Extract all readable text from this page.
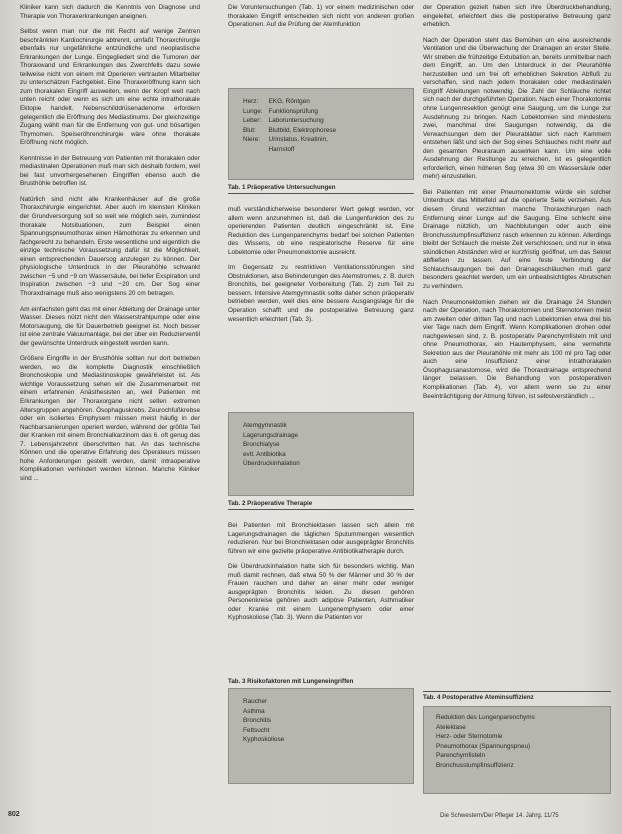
Kliniker kann sich dadurch die Kenntnis von Diagnose und Therapie von Thoraxerkrankungen aneignen.

Selbst wenn man nur die mit Recht auf wenige Zentren beschränkten Kardiochirurgie abtrennt, umfaßt Thoraxchirurgie ebenfalls nur ungefährliche entzündliche und neoplastische Erkrankungen der Lunge. Eingegliedert sind die Tumoren der Thoraxwand und Erkrankungen des Zwerchfells dazu sowie teilweise nicht von einem mit Operieren vertrauten Mitarbeiter zu unterschätzen Fachgebiet. Eine Thoraxeröffnung kann sich zum thorakalen Eingriff ausweiten, wenn der Kropf weit nach unten reicht oder wenn es sich um eine echte intrathorakale Ektopie handelt. Nebenschilddrüsenadenome erfordern gelegentlich die Eröffnung des Mediastinums. Der gleichzeitige Zugang wählt man für die Entfernung von gut- und bösartigen Thymomen. Speiseröhrenchirurgie wäre ohne thorakale Eröffnung nicht möglich.

Kenntnisse in der Betreuung von Patienten mit thorakalen oder mediastinalen Operationen muß man sich deshalb fordern, weil bei fast unvorhergesehenen Eingriffen ebenso auch die Brusthöhle betroffen ist.

Natürlich sind nicht alle Krankenhäuser auf die große Thoraxchirurgie eingerichtet. Aber auch im kleinsten Kliniken der Grundversorgung soll so weit wie möglich sein, zumindest thorakale Notsituationen, zum Beispiel einen Spannungspneumothorax einen Hämothorax zu erkennen und fachgerecht zu behandeln. Erste wesentliche und eigentlich die einzige technische Voraussetzung dafür ist die Möglichkeit, einen entsprechenden Dauersog anzulegen zu können. Der physiologische Unterdruck in der Pleurahöhle schwankt zwischen −5 und −9 cm Wassersäule, bei tiefer Exspiration und Inspiration zwischen −3 und −20 cm. Der Sog einer Thoraxdrainage muß also wenigstens 20 cm betragen.

Am einfachsten geht das mit einer Ableitung der Drainage unter Wasser. Dieses nützt nicht den Wasserstrahlpumpe oder eine Motorsaugung, die für Dauerbetrieb geeignet ist. Noch besser ist eine zentrale Vakuumanlage, bei der über ein Reduzierventil der gewünschte Unterdruck eingestellt werden kann.

Größere Eingriffe in der Brusthöhle sollten nur dort betrieben werden, wo die komplette Diagnostik einschließlich Bronchoskopie und Mediastinoskopie gewährleistet ist. Als wichtige Voraussetzung sehen wir die Zusammenarbeit mit einem erfahrenen Anästhesisten an, weil Patienten mit Erkrankungen der Thoraxorgane nicht selten extremen Altersgruppen angehören. Ösophaguskrebs. Zeurochfußkrebse oder ein isoliertes Emphysem müssen meist häufig in der Nachbarsanierungen operiert werden, während der größte Teil der Kranken mit einem Bronchialkarzinom das 6. oft genug das 7. Lebensjahrzehnt überschritten hat. An das technische Können und die operative Erfahrung des Operateurs müssen hohe Anforderungen gestellt werden, damit intraoperative Komplikationen verhindert werden können. Manche Kliniker sind ...

Die Voruntersuchungen (Tab. 1) vor einem medizinischen oder thorakalen Eingriff entscheiden sich nicht von anderen großen Operationen. Auf die Prüfung der Atemfunktion

Herz:	EKG, Röntgen
Lunge:	Funktionsprüfung
Leber:	Laboruntersuchung
Blut:	Blutbild, Elektrophorese
Niere:	Urinstatus, Kreatinin,
	Harnstoff
Tab. 1 Präoperative Untersuchungen

muß verständlicherweise besonderer Wert gelegt werden, vor allem wenn anzunehmen ist, daß die Lungenfunktion des zu operierenden Patienten deutlich eingeschränkt ist. Eine Reduktion des Lungenparenchyms bedarf bei solchen Patienten des Wissens, ob eine respiratorische Reserve für eine Lobektomie oder Pneumonektomie ausreicht.

Im Gegensatz zu restriktiven Ventilationsstörungen sind Obstruktionen, also Behinderungen des Atemstromes, z. B. durch Bronchitis, bei geeigneter Vorbereitung (Tab. 2) zum Teil zu bessern. Intensive Atemgymnastik sollte daher schon präoperativ betrieben werden, weil dies eine bessere Ausgangslage für die Operation schafft und die postoperative Betreuung ganz wesentlich erleichtert (Tab. 3).

Atemgymnastik
Lagerungsdrainage
Bronchialyse
evtl. Antibiotika
Überdruckinhalation
Tab. 2 Präoperative Therapie

Bei Patienten mit Bronchiektasen lassen sich allein mit Lagerungsdrainagen die täglichen Sputummengen wesentlich reduzieren. Nur bei Bronchiektasen oder ausgeprägter Bronchitis führen wir eine gezielte präoperative Antibiotikatherapie durch.

Die Überdruckinhalation hatte sich für besonders wichtig. Man muß damit rechnen, daß etwa 50 % der Männer und 30 % der Frauen rauchen und daher an einer mehr oder weniger ausgeprägten Bronchitis leiden. Zu diesen gehören Personenkreise gehören auch adipöse Patienten, Asthmatiker oder Kranke mit einem Lungenemphysem oder einer Kyphoskoliose (Tab. 3). Wenn die Patienten vor

Tab. 3 Risikofaktoren mit Lungeneingriffen
Raucher
Asthma
Bronchitis
Fettsucht
Kyphoskoliose

der Operation gezielt haben sich ihre Überdruckbehandlung, eingeleitet, erleichtert dies die postoperative Betreuung ganz erheblich.

Nach der Operation steht das Bemühen um eine ausreichende Ventilation und die Überwachung der Drainagen an erster Stelle. Wir streben die frühzeitige Extubation an, bereits unmittelbar nach dem Eingriff, an. Um den Unterdruck in der Pleurahöhle herzustellen und um frei oft erheblichen Sekretion Abfluß zu verschaffen, sind nach jedem thorakalen oder mediastinalen Eingriff Ableitungen notwendig. Die Zahl der Schläuche richtet sich nach der durchgeführten Operation. Nach einer Thorakotomie ohne Lungenresektion genügt eine Saugung, um die Lunge zur Ausdehnung zu bringen. Nach Lobektomien sind mindestens zwei, manchmal drei Saugungen notwendig, da die Verwachsungen dem der Pleurablätter sich nach Kammern entstehen läßt und sich der Sog eines Schlauches nicht mehr auf den gesamten Pleuraraum auswirken kann. Um eine volle Ausdehnung der Restlunge zu erreichen, ist es gelegentlich erforderlich, einen höheren Sog (etwa 30 cm Wassersäule oder mehr) einzustellen.

Bei Patienten mit einer Pneumonektomie würde ein solcher Unterdruck das Mittelfeld auf die operierte Seite verziehen. Aus diesem Grund verzichten manche Thoraxchirurgen nach Entfernung einer Lunge auf die Saugung. Eine schlecht eine Drainage nützlich, um Nachblutungen oder auch eine Bronchusstumpfinsuffizienz rasch erkennen zu können. Allerdings bleibt der Schlauch die meiste Zeit verschlossen, und nur in etwa stündlichen Abständen wird er kurzfristig geöffnet, um das Sekret abfließen zu lassen. Auf eine feste Verbindung der Schlauchsaugungen bei den Drainageschläuchen muß ganz besonders geachtet werden, um ein unbeabsichtigtes Abrutschen zu verhindern.

Nach Pneumonektomien ziehen wir die Drainage 24 Stunden nach der Operation, nach Thorakotomien und Sternotomien meist am zweiten oder dritten Tag und nach Lobektomien etwa drei bis vier Tage nach dem Eingriff. Wenn Komplikationen drohen oder nachgewiesen sind, z. B. postoperativ Parenchymfisteln mit und ohne Pneumothorax, ein Hautemphysem, eine vermehrte Sekretion aus der Pleurahöhle mit mehr als 100 ml pro Tag oder auch eine Insuffizienz einer intrathorakalen Ösophagusanastomose, wird die Thoraxdrainage entsprechend länger belassen. Die Behandlung von postoperativen Komplikationen (Tab. 4), vor allem wenn sie zu einer Beeinträchtigung der Atmung führen, ist selbstverständlich ...

Tab. 4 Postoperative Ateminsuffizienz
Reduktion des Lungenparenchyms
Atelektase
Herz- oder Sternotomie
Pneumothorax (Spannungspneu)
Parenchymfisteln
Bronchusstumpfinsuffizienz
802	Die Schwestern/Der Pfleger 14. Jahrg. 11/75
